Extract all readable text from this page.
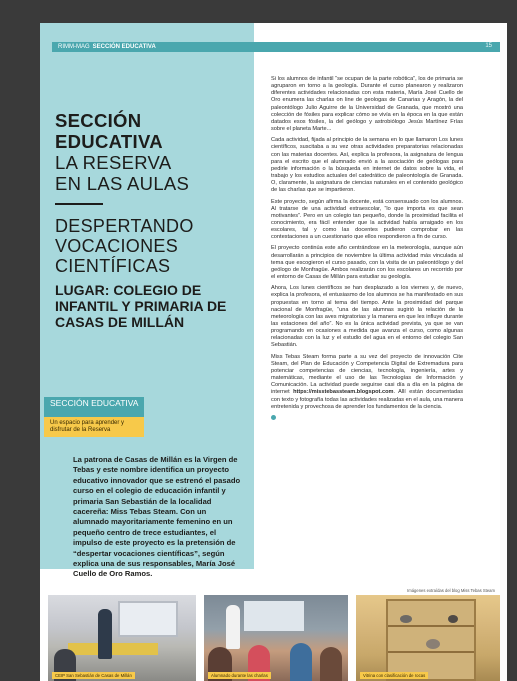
RIMM-MAG SECCIÓN EDUCATIVA	15
SECCIÓN
EDUCATIVA
LA RESERVA
EN LAS AULAS
DESPERTANDO
VOCACIONES
CIENTÍFICAS
LUGAR: COLEGIO DE INFANTIL Y PRIMARIA DE CASAS DE MILLÁN
SECCIÓN EDUCATIVA
Un espacio para aprender y disfrutar de la Reserva
La patrona de Casas de Millán es la Virgen de Tebas y este nombre identifica un proyecto educativo innovador que se estrenó el pasado curso en el colegio de educación infantil y primaria San Sebastián de la localidad cacereña: Miss Tebas Steam. Con un alumnado mayoritariamente femenino en un pequeño centro de trece estudiantes, el impulso de este proyecto es la pretensión de “despertar vocaciones científicas”, según explica una de sus responsables, María José Cuello de Oro Ramos.

Si los alumnos de infantil “se ocupan de la parte robótica”, los de primaria se agruparon en torno a la geología. Durante el curso planearon y realizaron diferentes actividades relacionadas con esta materia, María José Cuello de Oro enumera las charlas on line de geologas de Canarias y Aragón, la del paleontólogo Julio Aguirre de la Universidad de Granada, que mostró una colección de fósiles para explicar cómo se vivía en la época en la que están datados esos fósiles, la del geólogo y astrobiólogo Jesús Martínez Frías sobre el planeta Marte...

Cada actividad, fijada al principio de la semana en lo que llamaron Los lunes científicos, suscitaba a su vez otras actividades preparatorias relacionadas con las materias docentes. Así, explica la profesora, la asignatura de lengua para el escrito que el alumnado envió a la asociación de geólogas para pedirle información o la búsqueda en internet de datos sobre la vida, el trabajo y los estudios actuales del catedrático de paleontología de Granada. O, claramente, la asignatura de ciencias naturales en el contenido geológico de las charlas que se impartieron.

Este proyecto, según afirma la docente, está consensuado con los alumnos. Al tratarse de una actividad extraescolar, “lo que importa es que sean motivantes”. Pero en un colegio tan pequeño, donde la proximidad facilita el conocimiento, era fácil entender que la actividad había arraigado en los escolares, tal y como las docentes pudieron comprobar en las contestaciones a un cuestionario que ellos respondieron a fin de curso.

El proyecto continúa este año centrándose en la meteorología, aunque aún desarrollarán a principios de noviembre la última actividad más vinculada al tema que escogieron el curso pasado, con la visita de un paleontólogo y del geólogo de Monfragüe. Ambos realizarán con los escolares un recorrido por el entorno de Casas de Millán para estudiar su geología.

Ahora, Los lunes científicos se han desplazado a los viernes y, de nuevo, explica la profesora, el entusiasmo de los alumnos se ha manifestado en sus propuestas en torno al tema del tiempo. Ante la proximidad del parque nacional de Monfragüe, “una de las alumnas sugirió la relación de la meteorología con las aves migratorias y la manera en que les influye durante las estaciones del año”. No es la única actividad prevista, ya que se van programando en ocasiones a medida que avanza el curso, como algunas relacionadas con la luz y el estudio del agua en el entorno del colegio San Sebastián.

Miss Tebas Steam forma parte a su vez del proyecto de innovación Cite Steam, del Plan de Educación y Competencia Digital de Extremadura para potenciar competencias de ciencias, tecnología, ingeniería, artes y matemáticas, mediante el uso de las Tecnologías de Información y Comunicación. La actividad puede seguirse casi día a día en la página de internet https://misstebassteam.blogspot.com. Allí están documentadas con texto y fotografía todas las actividades realizadas en el aula, una manera entretenida y provechosa de aprender los fundamentos de la ciencia.

Imágenes extraídas del blog Miss Tebas Steam
CEIP San Sebastián de Casas de Millán	Alumnado durante las charlas	Vitrina con clasificación de rocas
